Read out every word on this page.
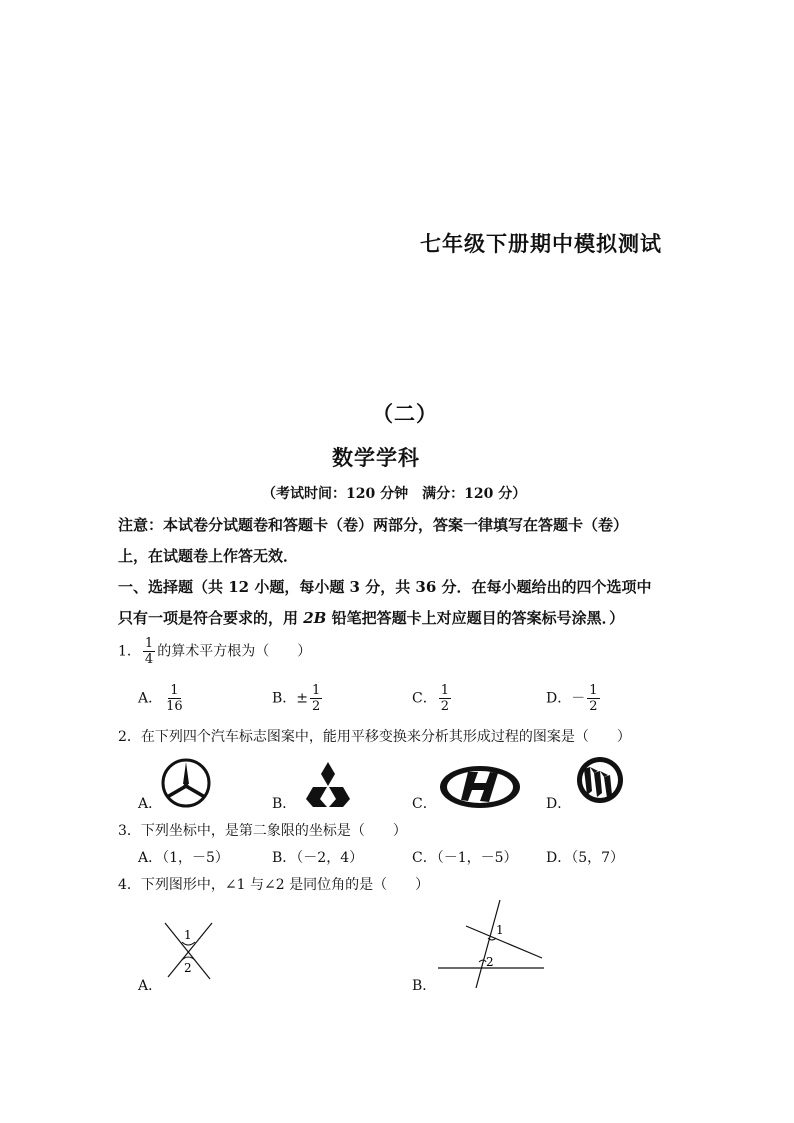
七年级下册期中模拟测试
（二）
数学学科
（考试时间：120 分钟　满分：120 分）
注意：本试卷分试题卷和答题卡（卷）两部分，答案一律填写在答题卡（卷）
上，在试题卷上作答无效．
一、选择题（共 12 小题，每小题 3 分，共 36 分．在每小题给出的四个选项中
只有一项是符合要求的，用 2B 铅笔把答题卡上对应题目的答案标号涂黑．）
1． $\frac{1}{4}$ 的算术平方根为（　　）
A． $\frac{1}{16}$	B．± $\frac{1}{2}$	C． $\frac{1}{2}$	D．－ $\frac{1}{2}$
2．在下列四个汽车标志图案中，能用平移变换来分析其形成过程的图案是（　　）
A．	B．	C．	D．
3．下列坐标中，是第二象限的坐标是（　　）
A．（1，－5）	B．（－2，4）	C．（－1，－5） D．（5，7）
4．下列图形中，∠1 与∠2 是同位角的是（　　）
1
2
A．
1
2
B．
